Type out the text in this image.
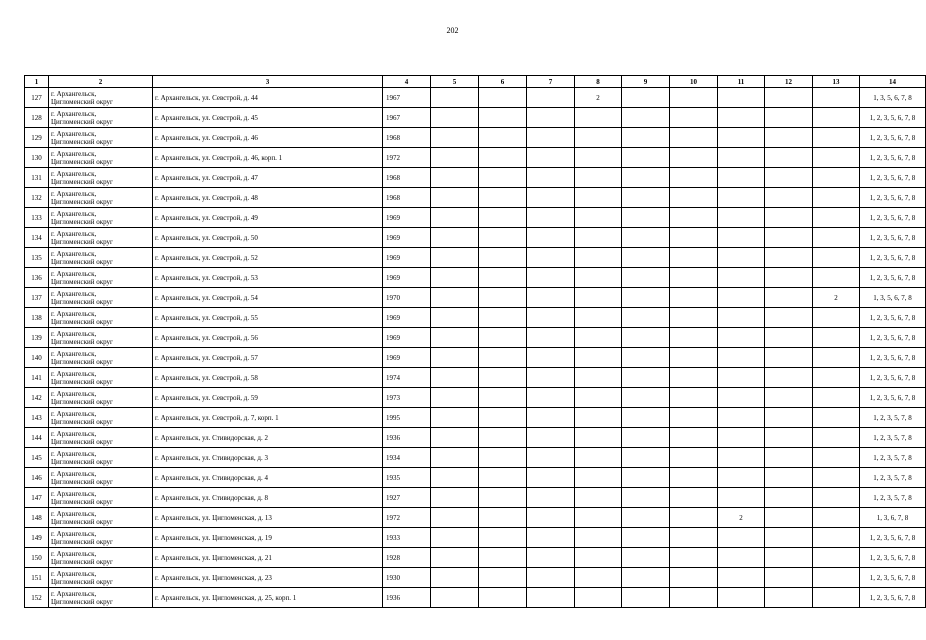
202
1	2	3	4	5	6	7	8	9	10	11	12	13	14
127	г. Архангельск,
Цигломенский округ	г. Архангельск, ул. Севстрой, д. 44	1967				2						1, 3, 5, 6, 7, 8
128	г. Архангельск,
Цигломенский округ	г. Архангельск, ул. Севстрой, д. 45	1967										1, 2, 3, 5, 6, 7, 8
129	г. Архангельск,
Цигломенский округ	г. Архангельск, ул. Севстрой, д. 46	1968										1, 2, 3, 5, 6, 7, 8
130	г. Архангельск,
Цигломенский округ	г. Архангельск, ул. Севстрой, д. 46, корп. 1	1972										1, 2, 3, 5, 6, 7, 8
131	г. Архангельск,
Цигломенский округ	г. Архангельск, ул. Севстрой, д. 47	1968										1, 2, 3, 5, 6, 7, 8
132	г. Архангельск,
Цигломенский округ	г. Архангельск, ул. Севстрой, д. 48	1968										1, 2, 3, 5, 6, 7, 8
133	г. Архангельск,
Цигломенский округ	г. Архангельск, ул. Севстрой, д. 49	1969										1, 2, 3, 5, 6, 7, 8
134	г. Архангельск,
Цигломенский округ	г. Архангельск, ул. Севстрой, д. 50	1969										1, 2, 3, 5, 6, 7, 8
135	г. Архангельск,
Цигломенский округ	г. Архангельск, ул. Севстрой, д. 52	1969										1, 2, 3, 5, 6, 7, 8
136	г. Архангельск,
Цигломенский округ	г. Архангельск, ул. Севстрой, д. 53	1969										1, 2, 3, 5, 6, 7, 8
137	г. Архангельск,
Цигломенский округ	г. Архангельск, ул. Севстрой, д. 54	1970									2	1, 3, 5, 6, 7, 8
138	г. Архангельск,
Цигломенский округ	г. Архангельск, ул. Севстрой, д. 55	1969										1, 2, 3, 5, 6, 7, 8
139	г. Архангельск,
Цигломенский округ	г. Архангельск, ул. Севстрой, д. 56	1969										1, 2, 3, 5, 6, 7, 8
140	г. Архангельск,
Цигломенский округ	г. Архангельск, ул. Севстрой, д. 57	1969										1, 2, 3, 5, 6, 7, 8
141	г. Архангельск,
Цигломенский округ	г. Архангельск, ул. Севстрой, д. 58	1974										1, 2, 3, 5, 6, 7, 8
142	г. Архангельск,
Цигломенский округ	г. Архангельск, ул. Севстрой, д. 59	1973										1, 2, 3, 5, 6, 7, 8
143	г. Архангельск,
Цигломенский округ	г. Архангельск, ул. Севстрой, д. 7, корп. 1	1995										1, 2, 3, 5, 7, 8
144	г. Архангельск,
Цигломенский округ	г. Архангельск, ул. Стивидорская, д. 2	1936										1, 2, 3, 5, 7, 8
145	г. Архангельск,
Цигломенский округ	г. Архангельск, ул. Стивидорская, д. 3	1934										1, 2, 3, 5, 7, 8
146	г. Архангельск,
Цигломенский округ	г. Архангельск, ул. Стивидорская, д. 4	1935										1, 2, 3, 5, 7, 8
147	г. Архангельск,
Цигломенский округ	г. Архангельск, ул. Стивидорская, д. 8	1927										1, 2, 3, 5, 7, 8
148	г. Архангельск,
Цигломенский округ	г. Архангельск, ул. Цигломенская, д. 13	1972							2			1, 3, 6, 7, 8
149	г. Архангельск,
Цигломенский округ	г. Архангельск, ул. Цигломенская, д. 19	1933										1, 2, 3, 5, 6, 7, 8
150	г. Архангельск,
Цигломенский округ	г. Архангельск, ул. Цигломенская, д. 21	1928										1, 2, 3, 5, 6, 7, 8
151	г. Архангельск,
Цигломенский округ	г. Архангельск, ул. Цигломенская, д. 23	1930										1, 2, 3, 5, 6, 7, 8
152	г. Архангельск,
Цигломенский округ	г. Архангельск, ул. Цигломенская, д. 25, корп. 1	1936										1, 2, 3, 5, 6, 7, 8
